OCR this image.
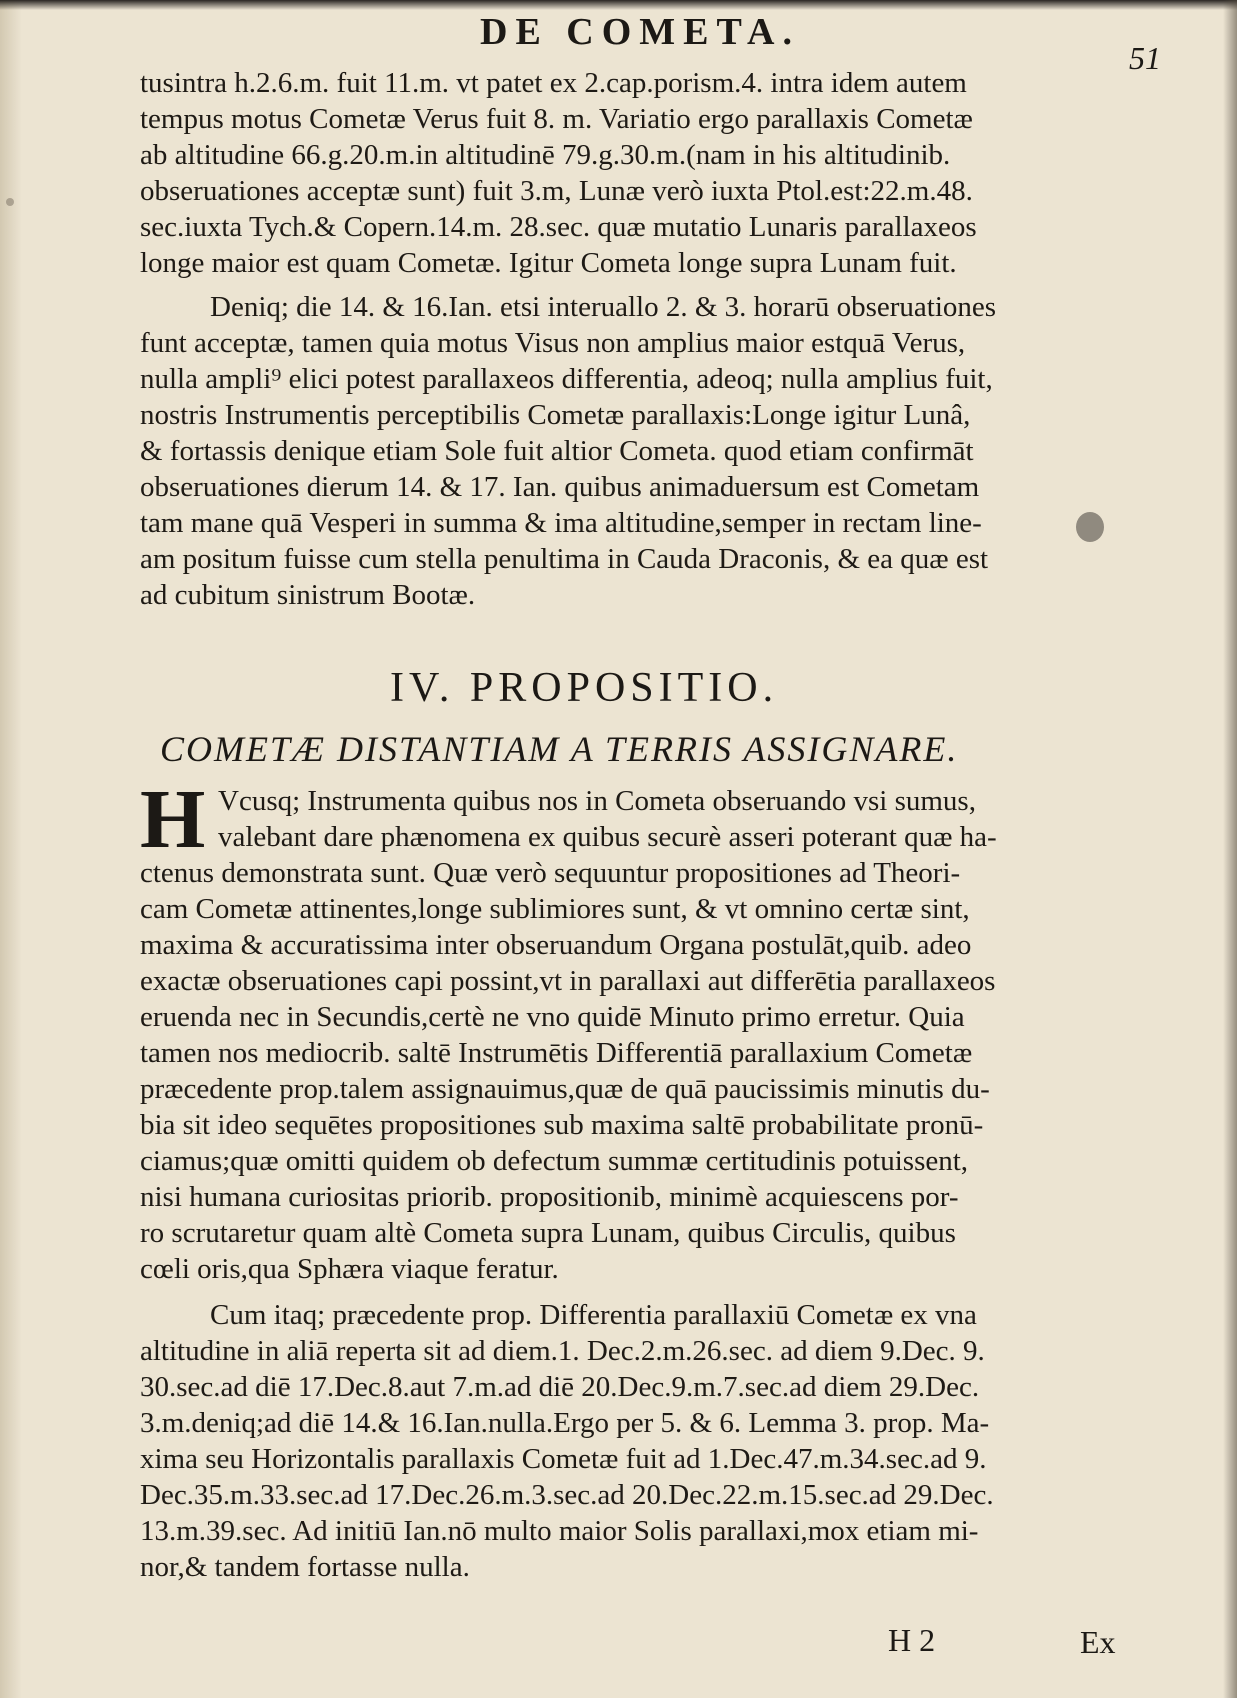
DE COMETA.
51
tusintra h.2.6.m. fuit 11.m. vt patet ex 2.cap.porism.4. intra idem autem
tempus motus Cometæ Verus fuit 8. m. Variatio ergo parallaxis Cometæ
ab altitudine 66.g.20.m.in altitudinē 79.g.30.m.(nam in his altitudinib.
obseruationes acceptæ sunt) fuit 3.m, Lunæ verò iuxta Ptol.est:22.m.48.
sec.iuxta Tych.& Copern.14.m. 28.sec. quæ mutatio Lunaris parallaxeos
longe maior est quam Cometæ. Igitur Cometa longe supra Lunam fuit.
Deniq; die 14. & 16.Ian. etsi interuallo 2. & 3. horarū obseruationes
funt acceptæ, tamen quia motus Visus non amplius maior estquā Verus,
nulla ampli⁹ elici potest parallaxeos differentia, adeoq; nulla amplius fuit,
nostris Instrumentis perceptibilis Cometæ parallaxis:Longe igitur Lunâ,
& fortassis denique etiam Sole fuit altior Cometa. quod etiam confirmāt
obseruationes dierum 14. & 17. Ian. quibus animaduersum est Cometam
tam mane quā Vesperi in summa & ima altitudine,semper in rectam line-
am positum fuisse cum stella penultima in Cauda Draconis, & ea quæ est
ad cubitum sinistrum Bootæ.
IV. PROPOSITIO.
COMETÆ DISTANTIAM A TERRIS ASSIGNARE.
H Vcusq; Instrumenta quibus nos in Cometa obseruando vsi sumus,
valebant dare phænomena ex quibus securè asseri poterant quæ ha-
ctenus demonstrata sunt. Quæ verò sequuntur propositiones ad Theori-
cam Cometæ attinentes,longe sublimiores sunt, & vt omnino certæ sint,
maxima & accuratissima inter obseruandum Organa postulāt,quib. adeo
exactæ obseruationes capi possint,vt in parallaxi aut differētia parallaxeos
eruenda nec in Secundis,certè ne vno quidē Minuto primo erretur. Quia
tamen nos mediocrib. saltē Instrumētis Differentiā parallaxium Cometæ
præcedente prop.talem assignauimus,quæ de quā paucissimis minutis du-
bia sit ideo sequētes propositiones sub maxima saltē probabilitate pronū-
ciamus;quæ omitti quidem ob defectum summæ certitudinis potuissent,
nisi humana curiositas priorib. propositionib, minimè acquiescens por-
ro scrutaretur quam altè Cometa supra Lunam, quibus Circulis, quibus
cœli oris,qua Sphæra viaque feratur.
Cum itaq; præcedente prop. Differentia parallaxiū Cometæ ex vna
altitudine in aliā reperta sit ad diem.1. Dec.2.m.26.sec. ad diem 9.Dec. 9.
30.sec.ad diē 17.Dec.8.aut 7.m.ad diē 20.Dec.9.m.7.sec.ad diem 29.Dec.
3.m.deniq;ad diē 14.& 16.Ian.nulla.Ergo per 5. & 6. Lemma 3. prop. Ma-
xima seu Horizontalis parallaxis Cometæ fuit ad 1.Dec.47.m.34.sec.ad 9.
Dec.35.m.33.sec.ad 17.Dec.26.m.3.sec.ad 20.Dec.22.m.15.sec.ad 29.Dec.
13.m.39.sec. Ad initiū Ian.nō multo maior Solis parallaxi,mox etiam mi-
nor,& tandem fortasse nulla.
H 2	Ex
